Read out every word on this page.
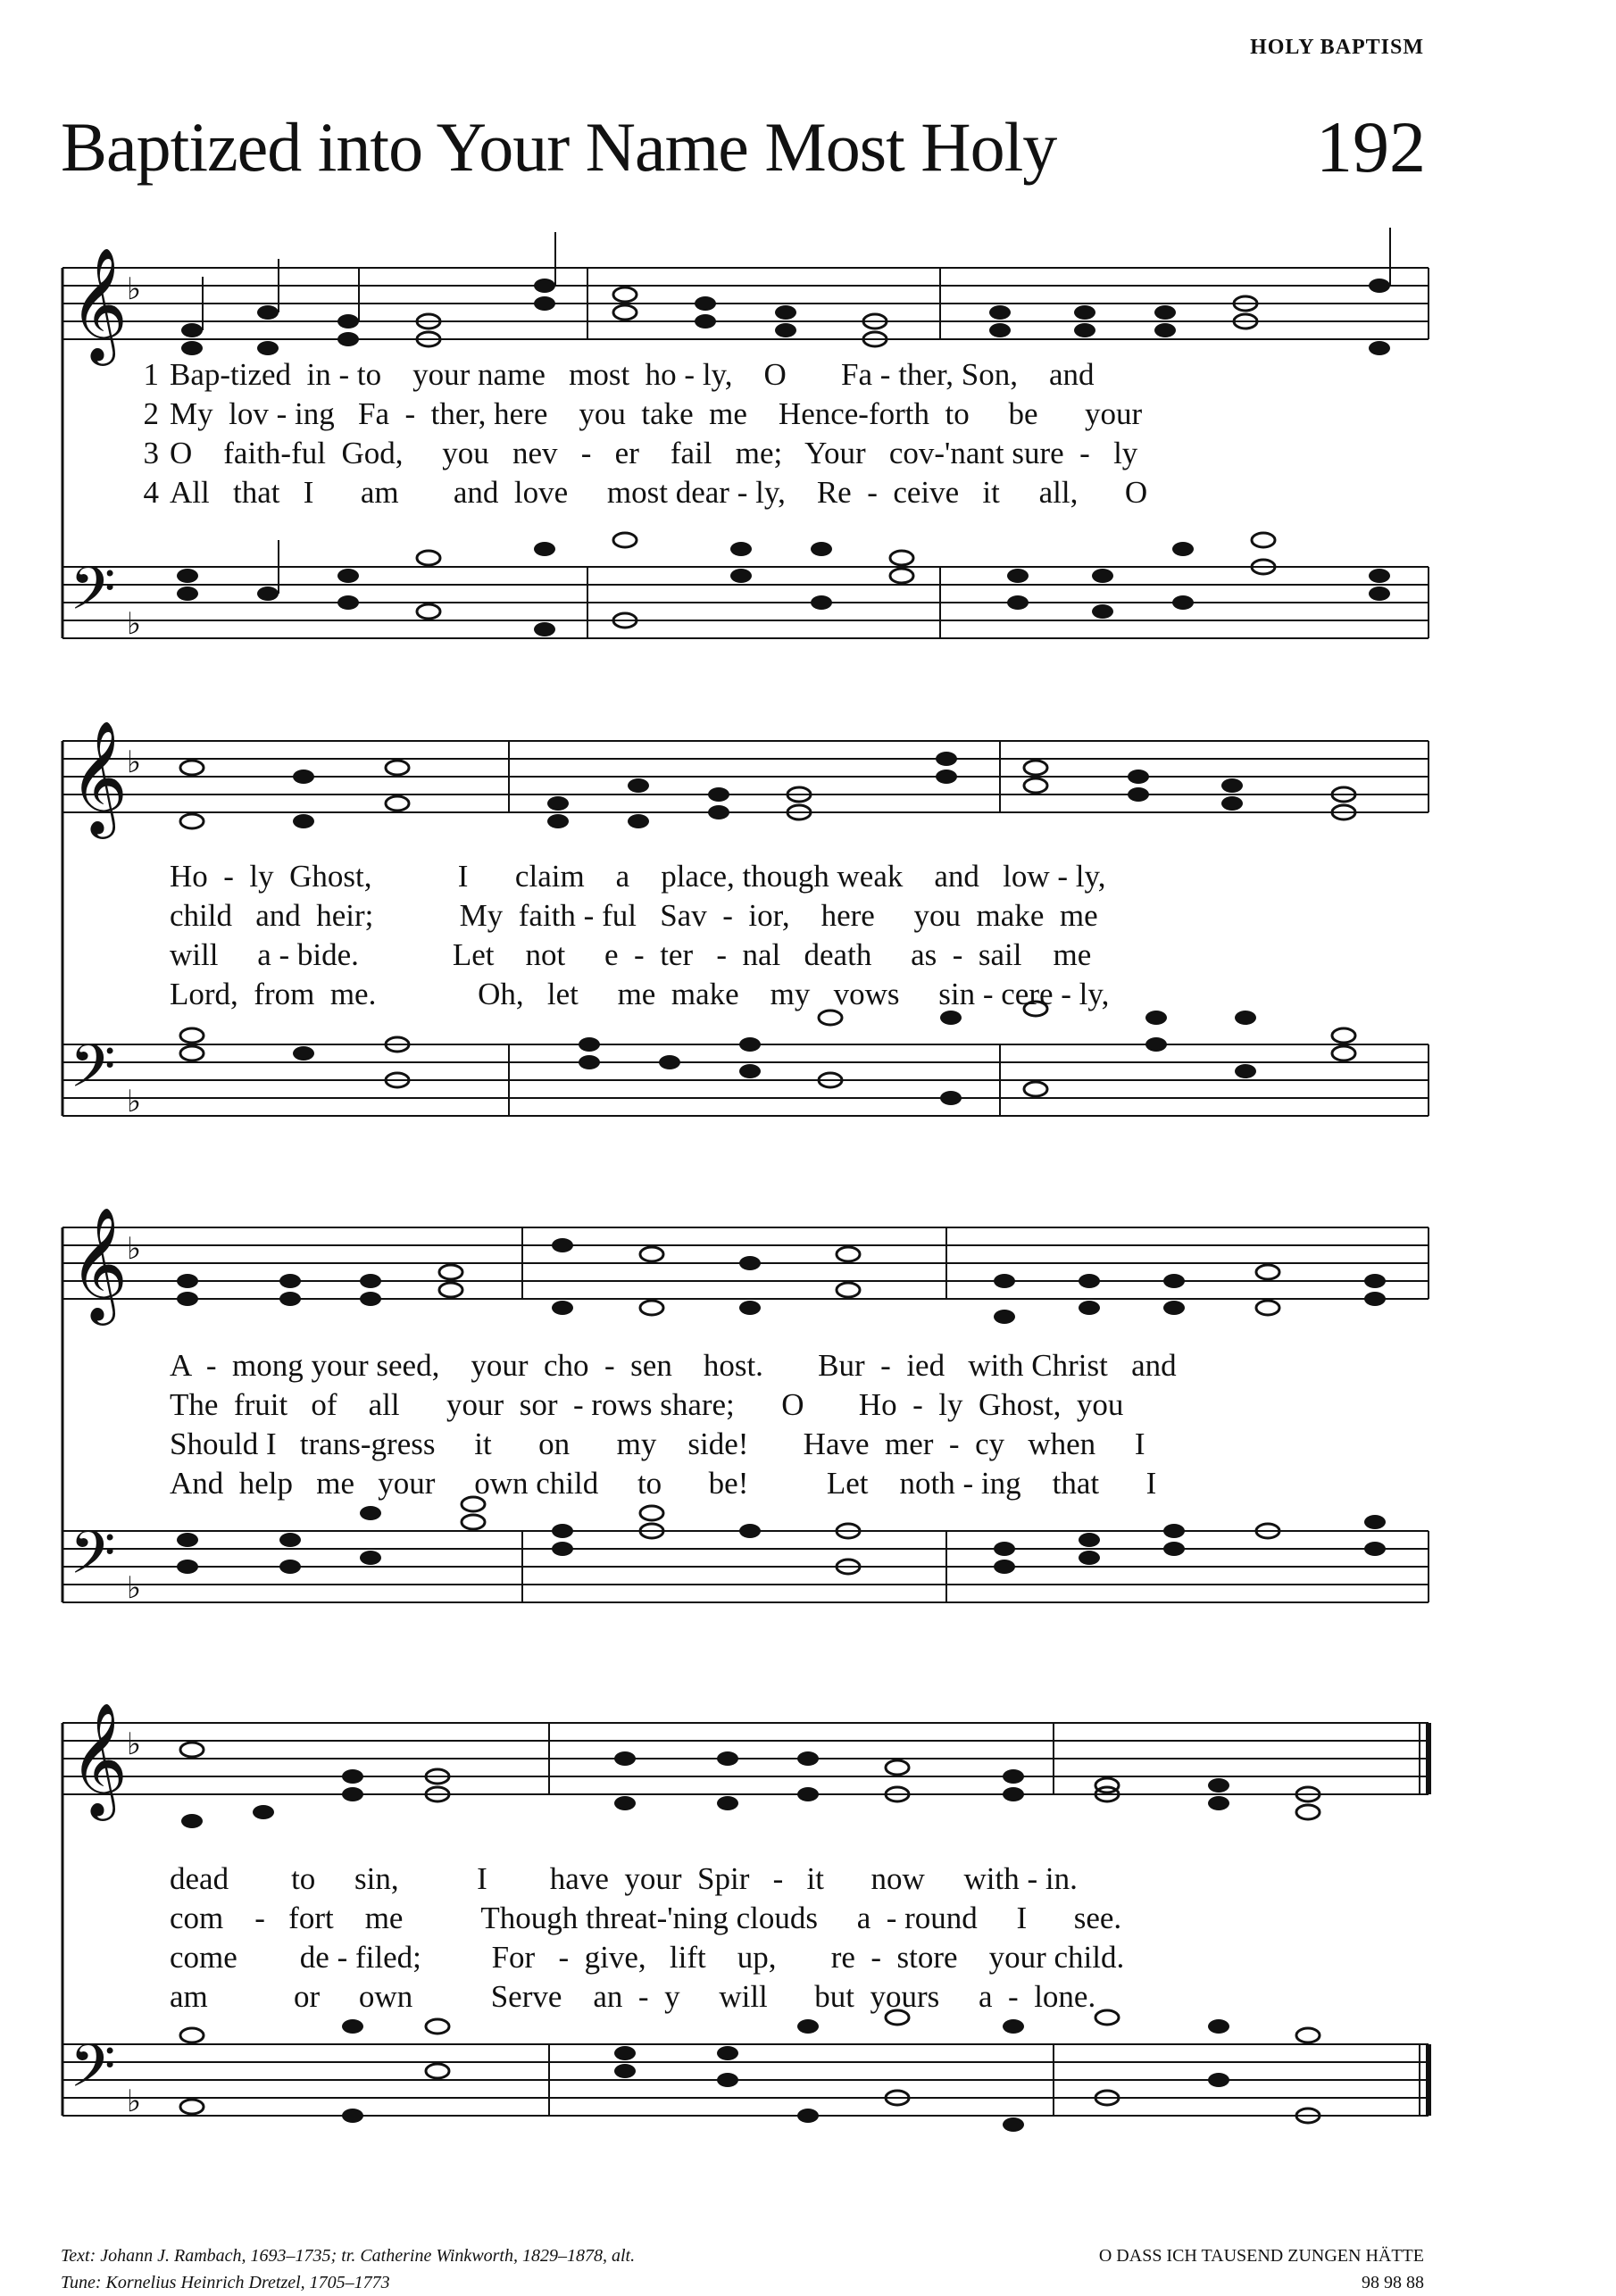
HOLY BAPTISM
Baptized into Your Name Most Holy	192
𝄞
𝄢
♭
♭
1 Bap-tized  in - to    your name   most  ho - ly,    O       Fa - ther, Son,    and
2 My  lov - ing   Fa  -  ther, here    you  take  me    Hence-forth  to     be      your
3 O    faith-ful  God,     you   nev   -   er    fail   me;   Your   cov-'nant sure  -   ly
4 All   that   I      am       and  love     most dear - ly,    Re  -  ceive   it     all,      O
𝄞
𝄢
♭
♭
Ho  -  ly  Ghost,           I      claim    a    place, though weak    and   low - ly,
child   and  heir;           My  faith - ful   Sav  -  ior,    here     you  make  me
will     a - bide.            Let    not     e  -  ter   -  nal   death     as  -  sail    me
Lord,  from  me.             Oh,   let     me  make    my   vows     sin - cere - ly,
𝄞
𝄢
♭
♭
A  -  mong your seed,    your  cho  -  sen    host.       Bur  -  ied   with Christ   and
The  fruit   of    all      your  sor  - rows share;      O       Ho  -  ly  Ghost,  you
Should I   trans-gress     it      on      my    side!       Have  mer  -  cy   when     I
And  help   me   your     own child     to      be!          Let    noth - ing    that      I
𝄞
𝄢
♭
♭
dead        to     sin,          I        have  your  Spir   -   it      now     with - in.
com    -   fort    me          Though threat-'ning clouds     a  - round     I      see.
come        de - filed;         For   -  give,   lift    up,       re  -  store    your child.
am           or     own          Serve    an  -  y     will      but  yours     a  -  lone.
Text: Johann J. Rambach, 1693–1735; tr. Catherine Winkworth, 1829–1878, alt.
Tune: Kornelius Heinrich Dretzel, 1705–1773
O DASS ICH TAUSEND ZUNGEN HÄTTE
98 98 88
